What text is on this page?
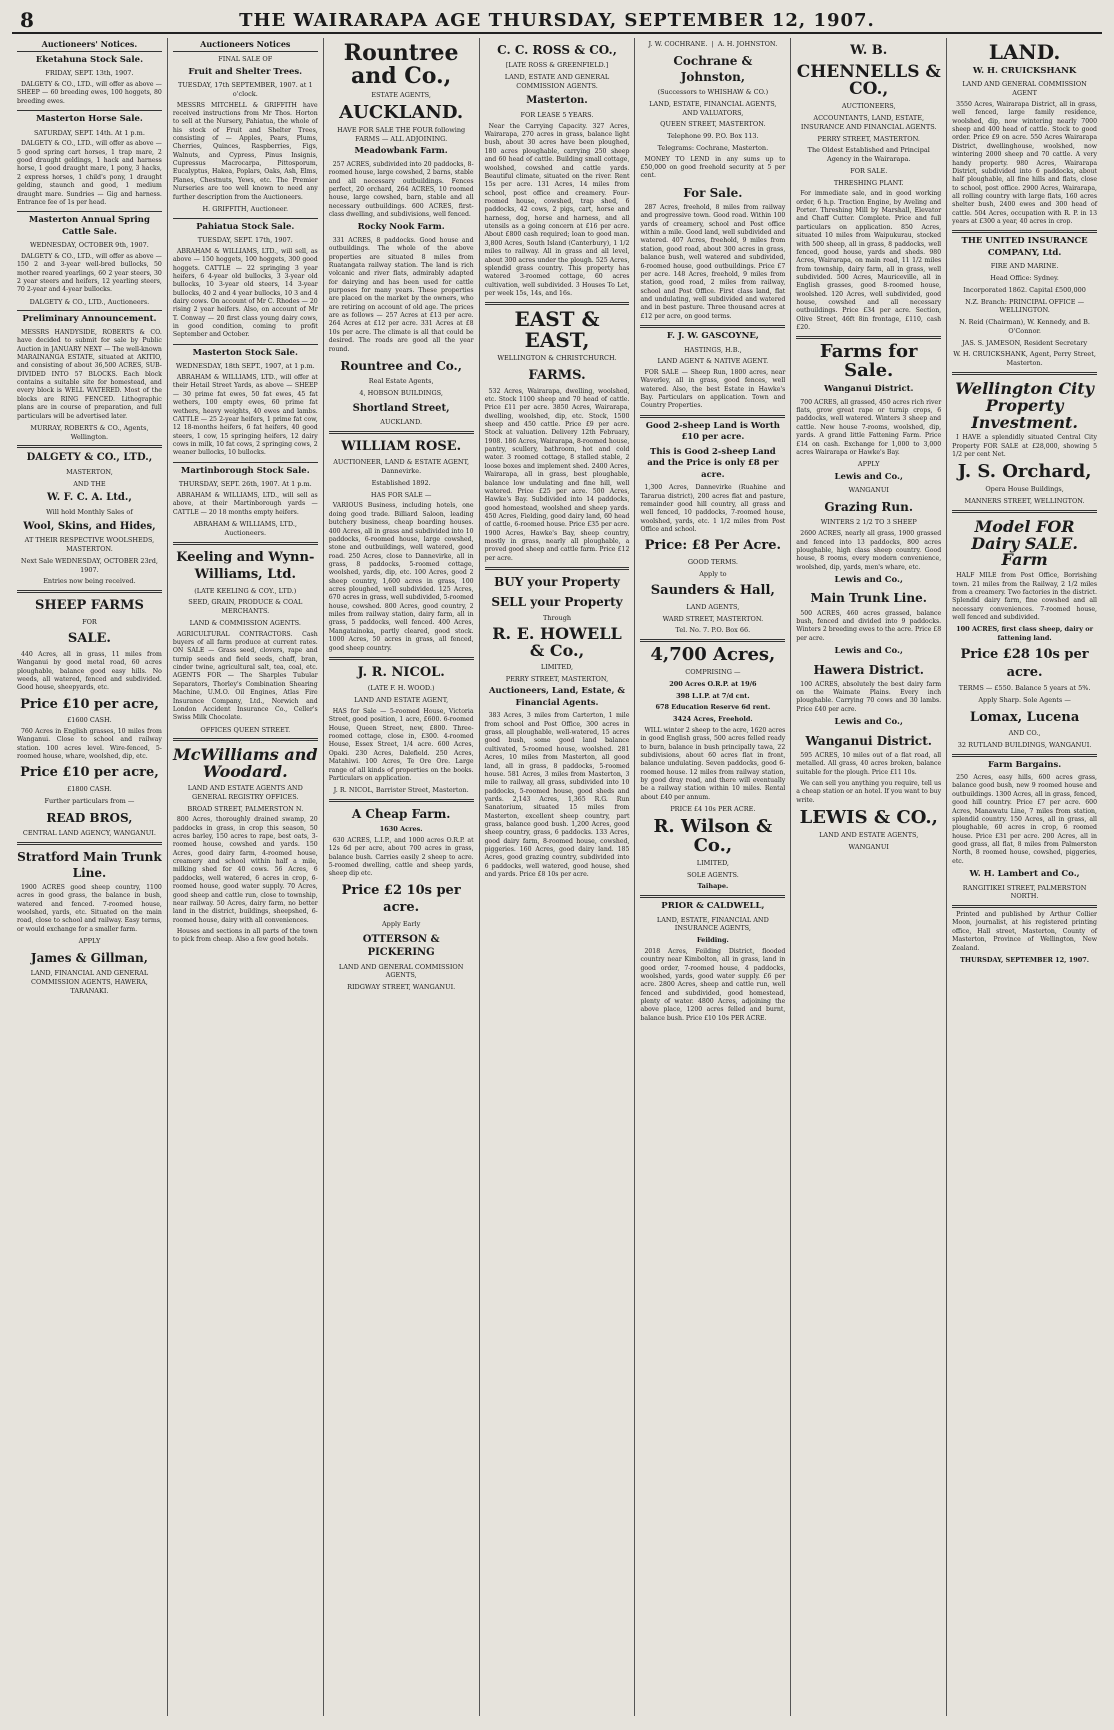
8	THE WAIRARAPA AGE THURSDAY, SEPTEMBER 12, 1907.
Auctioneers' Notices.
Eketahuna Stock Sale.
FRIDAY, SEPT. 13th, 1907.
DALGETY & CO., LTD., will offer as above — SHEEP — 60 breeding ewes, 100 hoggets, 80 breeding ewes.
Masterton Horse Sale.
SATURDAY, SEPT. 14th. At 1 p.m.
DALGETY & CO., LTD., will offer as above — 5 good spring cart horses, 1 trap mare, 2 good draught geldings, 1 hack and harness horse, 1 good draught mare, 1 pony, 3 hacks, 2 express horses, 1 child's pony, 1 draught gelding, staunch and good, 1 medium draught mare. Sundries — Gig and harness. Entrance fee of 1s per head.
Masterton Annual Spring Cattle Sale.
WEDNESDAY, OCTOBER 9th, 1907.
DALGETY & CO., LTD., will offer as above — 150 2 and 3-year well-bred bullocks, 50 mother reared yearlings, 60 2 year steers, 30 2 year steers and heifers, 12 yearling steers, 70 2-year and 4-year bullocks.
DALGETY & CO., LTD., Auctioneers.
Preliminary Announcement.
MESSRS HANDYSIDE, ROBERTS & CO. have decided to submit for sale by Public Auction in JANUARY NEXT — The well-known MARAINANGA ESTATE, situated at AKITIO, and consisting of about 36,500 ACRES, SUB-DIVIDED INTO 57 BLOCKS. Each block contains a suitable site for homestead, and every block is WELL WATERED. Most of the blocks are RING FENCED. Lithographic plans are in course of preparation, and full particulars will be advertised later.
MURRAY, ROBERTS & CO., Agents, Wellington.
DALGETY & CO., LTD.,
MASTERTON,
AND THE
W. F. C. A. Ltd.,
Will hold Monthly Sales of
Wool, Skins, and Hides,
AT THEIR RESPECTIVE WOOLSHEDS, MASTERTON.
Next Sale WEDNESDAY, OCTOBER 23rd, 1907.
Entries now being received.
SHEEP FARMS
FOR
SALE.
440 Acres, all in grass, 11 miles from Wanganui by good metal road, 60 acres ploughable, balance good easy hills. No weeds, all watered, fenced and subdivided. Good house, sheepyards, etc.
Price £10 per acre,
£1600 CASH.
760 Acres in English grasses, 10 miles from Wanganui. Close to school and railway station. 100 acres level. Wire-fenced, 5-roomed house, whare, woolshed, dip, etc.
Price £10 per acre,
£1800 CASH.
Further particulars from —
READ BROS,
CENTRAL LAND AGENCY, WANGANUI.
Stratford Main Trunk Line.
1900 ACRES good sheep country, 1100 acres in good grass, the balance in bush, watered and fenced. 7-roomed house, woolshed, yards, etc. Situated on the main road, close to school and railway. Easy terms, or would exchange for a smaller farm.
APPLY
James & Gillman,
LAND, FINANCIAL AND GENERAL COMMISSION AGENTS, HAWERA, TARANAKI.
Auctioneers Notices
FINAL SALE OF
Fruit and Shelter Trees.
TUESDAY, 17th SEPTEMBER, 1907. at 1 o'clock.
MESSRS MITCHELL & GRIFFITH have received instructions from Mr Thos. Horton to sell at the Nursery, Pahiatua, the whole of his stock of Fruit and Shelter Trees, consisting of — Apples, Pears, Plums, Cherries, Quinces, Raspberries, Figs, Walnuts, and Cypress, Pinus Insignis, Cupressus Macrocarpa, Pittosporum, Eucalyptus, Hakea, Poplars, Oaks, Ash, Elms, Planes, Chestnuts, Yews, etc. The Premier Nurseries are too well known to need any further description from the Auctioneers.
H. GRIFFITH, Auctioneer.
Pahiatua Stock Sale.
TUESDAY, SEPT. 17th, 1907.
ABRAHAM & WILLIAMS, LTD., will sell, as above — 150 hoggets, 100 hoggets, 300 good hoggets. CATTLE — 22 springing 3 year heifers, 6 4-year old bullocks, 3 3-year old bullocks, 10 3-year old steers, 14 3-year bullocks, 40 2 and 4 year bullocks, 10 3 and 4 dairy cows. On account of Mr C. Rhodes — 20 rising 2 year heifers. Also, on account of Mr T. Conway — 20 first class young dairy cows, in good condition, coming to profit September and October.
Masterton Stock Sale.
WEDNESDAY, 18th SEPT., 1907, at 1 p.m.
ABRAHAM & WILLIAMS, LTD., will offer at their Hetail Street Yards, as above — SHEEP — 30 prime fat ewes, 50 fat ewes, 45 fat wethers, 100 empty ewes, 60 prime fat wethers, heavy weights, 40 ewes and lambs. CATTLE — 25 2-year heifers, 1 prime fat cow, 12 18-months heifers, 6 fat heifers, 40 good steers, 1 cow, 15 springing heifers, 12 dairy cows in milk, 10 fat cows, 2 springing cows, 2 weaner bullocks, 10 bullocks.
Martinborough Stock Sale.
THURSDAY, SEPT. 26th, 1907. At 1 p.m.
ABRAHAM & WILLIAMS, LTD., will sell as above, at their Martinborough yards — CATTLE — 20 18 months empty heifers.
ABRAHAM & WILLIAMS, LTD., Auctioneers.
Keeling and Wynn-Williams, Ltd.
(LATE KEELING & COY., LTD.)
SEED, GRAIN, PRODUCE & COAL MERCHANTS.
LAND & COMMISSION AGENTS.
AGRICULTURAL CONTRACTORS. Cash buyers of all farm produce at current rates. ON SALE — Grass seed, clovers, rape and turnip seeds and field seeds, chaff, bran, cinder twine, agricultural salt, tea, coal, etc. AGENTS FOR — The Sharples Tubular Separators, Thorley's Combination Shearing Machine, U.M.O. Oil Engines, Atlas Fire Insurance Company, Ltd., Norwich and London Accident Insurance Co., Celler's Swiss Milk Chocolate.
OFFICES QUEEN STREET.
McWilliams and Woodard.
LAND AND ESTATE AGENTS AND GENERAL REGISTRY OFFICES.
BROAD STREET, PALMERSTON N.
800 Acres, thoroughly drained swamp, 20 paddocks in grass, in crop this season, 50 acres barley, 150 acres to rape, best oats, 3-roomed house, cowshed and yards. 150 Acres, good dairy farm, 4-roomed house, creamery and school within half a mile, milking shed for 40 cows. 56 Acres, 6 paddocks, well watered, 6 acres in crop, 6-roomed house, good water supply. 70 Acres, good sheep and cattle run, close to township, near railway. 50 Acres, dairy farm, no better land in the district, buildings, sheepshed, 6-roomed house, dairy with all conveniences.
Houses and sections in all parts of the town to pick from cheap. Also a few good hotels.
Rountree and Co.,
ESTATE AGENTS,
AUCKLAND.
HAVE FOR SALE THE FOUR following FARMS — ALL ADJOINING.
Meadowbank Farm.
257 ACRES, subdivided into 20 paddocks, 8-roomed house, large cowshed, 2 barns, stable and all necessary outbuildings. Fences perfect, 20 orchard, 264 ACRES, 10 roomed house, large cowshed, barn, stable and all necessary outbuildings. 600 ACRES, first-class dwelling, and subdivisions, well fenced.
Rocky Nook Farm.
331 ACRES, 8 paddocks. Good house and outbuildings. The whole of the above properties are situated 8 miles from Ruatangata railway station. The land is rich volcanic and river flats, admirably adapted for dairying and has been used for cattle purposes for many years. These properties are placed on the market by the owners, who are retiring on account of old age. The prices are as follows — 257 Acres at £13 per acre. 264 Acres at £12 per acre. 331 Acres at £8 10s per acre. The climate is all that could be desired. The roads are good all the year round.
Rountree and Co.,
Real Estate Agents,
4, HOBSON BUILDINGS,
Shortland Street,
AUCKLAND.
WILLIAM ROSE.
AUCTIONEER, LAND & ESTATE AGENT, Dannevirke.
Established 1892.
HAS FOR SALE —
VARIOUS Business, including hotels, one doing good trade. Billiard Saloon, leading butchery business, cheap boarding houses. 400 Acres, all in grass and subdivided into 10 paddocks, 6-roomed house, large cowshed, stone and outbuildings, well watered, good road. 250 Acres, close to Dannevirke, all in grass, 8 paddocks, 5-roomed cottage, woolshed, yards, dip, etc. 100 Acres, good 2 sheep country, 1,600 acres in grass, 100 acres ploughed, well subdivided. 125 Acres, 670 acres in grass, well subdivided, 5-roomed house, cowshed. 800 Acres, good country, 2 miles from railway station, dairy farm, all in grass, 5 paddocks, well fenced. 400 Acres, Mangatainoka, partly cleared, good stock. 1000 Acres, 50 acres in grass, all fenced, good sheep country.
J. R. NICOL.
(LATE F. H. WOOD.)
LAND AND ESTATE AGENT,
HAS for Sale — 5-roomed House, Victoria Street, good position, 1 acre, £600. 6-roomed House, Queen Street, new, £800. Three-roomed cottage, close in, £300. 4-roomed House, Essex Street, 1/4 acre. 600 Acres, Opaki. 230 Acres, Dalefield. 250 Acres, Matahiwi. 100 Acres, Te Ore Ore. Large range of all kinds of properties on the books. Particulars on application.
J. R. NICOL, Barrister Street, Masterton.
A Cheap Farm.
1630 Acres.
630 ACRES, L.I.P., and 1000 acres O.R.P. at 12s 6d per acre, about 700 acres in grass, balance bush. Carries easily 2 sheep to acre. 5-roomed dwelling, cattle and sheep yards, sheep dip etc.
Price £2 10s per acre.
Apply Early
OTTERSON & PICKERING
LAND AND GENERAL COMMISSION AGENTS,
RIDGWAY STREET, WANGANUI.
C. C. ROSS & CO.,
[LATE ROSS & GREENFIELD.]
LAND, ESTATE AND GENERAL COMMISSION AGENTS.
Masterton.
FOR LEASE 5 YEARS.
Near the Carrying Capacity. 327 Acres, Wairarapa, 270 acres in grass, balance light bush, about 30 acres have been ploughed, 180 acres ploughable, carrying 250 sheep and 60 head of cattle. Building small cottage, woolshed, cowshed and cattle yards. Beautiful climate, situated on the river. Rent 15s per acre. 131 Acres, 14 miles from school, post office and creamery. Four-roomed house, cowshed, trap shed, 6 paddocks, 42 cows, 2 pigs, cart, horse and harness, dog, horse and harness, and all utensils as a going concern at £16 per acre. About £800 cash required; loan to good man. 3,800 Acres, South Island (Canterbury), 1 1/2 miles to railway. All in grass and all level, about 300 acres under the plough. 525 Acres, splendid grass country. This property has watered 3-roomed cottage, 60 acres cultivation, well subdivided. 3 Houses To Let, per week 15s, 14s, and 16s.
EAST & EAST,
WELLINGTON & CHRISTCHURCH.
FARMS.
532 Acres, Wairarapa, dwelling, woolshed, etc. Stock 1100 sheep and 70 head of cattle. Price £11 per acre. 3850 Acres, Wairarapa, dwelling, woolshed, dip, etc. Stock, 1500 sheep and 450 cattle. Price £9 per acre. Stock at valuation. Delivery 12th February, 1908. 186 Acres, Wairarapa, 8-roomed house, pantry, scullery, bathroom, hot and cold water. 3 roomed cottage, 8 stalled stable, 2 loose boxes and implement shed. 2400 Acres, Wairarapa, all in grass, best ploughable, balance low undulating and fine hill, well watered. Price £25 per acre. 500 Acres, Hawke's Bay. Subdivided into 14 paddocks, good homestead, woolshed and sheep yards. 450 Acres, Fielding, good dairy land, 60 head of cattle, 6-roomed house. Price £35 per acre. 1900 Acres, Hawke's Bay, sheep country, mostly in grass, nearly all ploughable, a proved good sheep and cattle farm. Price £12 per acre.
BUY your Property
SELL your Property
Through
R. E. HOWELL & Co.,
LIMITED,
PERRY STREET, MASTERTON,
Auctioneers, Land, Estate, & Financial Agents.
383 Acres, 3 miles from Carterton, 1 mile from school and Post Office, 300 acres in grass, all ploughable, well-watered, 15 acres good bush, some good land balance cultivated, 5-roomed house, woolshed. 281 Acres, 10 miles from Masterton, all good land, all in grass, 8 paddocks, 5-roomed house. 581 Acres, 3 miles from Masterton, 3 mile to railway, all grass, subdivided into 10 paddocks, 5-roomed house, good sheds and yards. 2,143 Acres, 1,365 R.G. Run Sanatorium, situated 15 miles from Masterton, excellent sheep country, part grass, balance good bush. 1,200 Acres, good sheep country, grass, 6 paddocks. 133 Acres, good dairy farm, 8-roomed house, cowshed, piggeries. 160 Acres, good dairy land. 185 Acres, good grazing country, subdivided into 6 paddocks, well watered, good house, shed and yards. Price £8 10s per acre.
J. W. COCHRANE.  |  A. H. JOHNSTON.
Cochrane & Johnston,
(Successors to WHISHAW & CO.)
LAND, ESTATE, FINANCIAL AGENTS, AND VALUATORS,
QUEEN STREET, MASTERTON.
Telephone 99. P.O. Box 113.
Telegrams: Cochrane, Masterton.
MONEY TO LEND in any sums up to £50,000 on good freehold security at 5 per cent.
For Sale.
287 Acres, freehold, 8 miles from railway and progressive town. Good road. Within 100 yards of creamery, school and Post office within a mile. Good land, well subdivided and watered. 407 Acres, freehold, 9 miles from station, good road, about 300 acres in grass, balance bush, well watered and subdivided, 6-roomed house, good outbuildings. Price £7 per acre. 148 Acres, freehold, 9 miles from station, good road, 2 miles from railway, school and Post Office. First class land, flat and undulating, well subdivided and watered and in best pasture. Three thousand acres at £12 per acre, on good terms.
F. J. W. GASCOYNE,
HASTINGS, H.B.,
LAND AGENT & NATIVE AGENT.
FOR SALE — Sheep Run, 1800 acres, near Waverley, all in grass, good fences, well watered. Also, the best Estate in Hawke's Bay. Particulars on application. Town and Country Properties.
Good 2-sheep Land is Worth £10 per acre.
This is Good 2-sheep Land and the Price is only £8 per acre.
1,300 Acres, Dannevirke (Ruahine and Tararua district), 200 acres flat and pasture, remainder good hill country, all grass and well fenced, 10 paddocks, 7-roomed house, woolshed, yards, etc. 1 1/2 miles from Post Office and school.
Price: £8 Per Acre.
GOOD TERMS.
Apply to
Saunders & Hall,
LAND AGENTS,
WARD STREET, MASTERTON.
Tel. No. 7. P.O. Box 66.
4,700 Acres,
COMPRISING —
200 Acres O.R.P. at 19/6
398 L.I.P. at 7/d cnt.
678 Education Reserve 6d rent.
3424 Acres, Freehold.
WILL winter 2 sheep to the acre, 1620 acres in good English grass, 500 acres felled ready to burn, balance in bush principally tawa, 22 subdivisions, about 60 acres flat in front, balance undulating. Seven paddocks, good 6-roomed house. 12 miles from railway station, by good dray road, and there will eventually be a railway station within 10 miles. Rental about £40 per annum.
PRICE £4 10s PER ACRE.
R. Wilson & Co.,
LIMITED,
SOLE AGENTS.
Taihape.
PRIOR & CALDWELL,
LAND, ESTATE, FINANCIAL AND INSURANCE AGENTS,
Feilding.
2018 Acres, Feilding District, flooded country near Kimbolton, all in grass, land in good order, 7-roomed house, 4 paddocks, woolshed, yards, good water supply. £6 per acre. 2800 Acres, sheep and cattle run, well fenced and subdivided, good homestead, plenty of water. 4800 Acres, adjoining the above place, 1200 acres felled and burnt, balance bush. Price £10 10s PER ACRE.
W. B.
CHENNELLS & CO.,
AUCTIONEERS,
ACCOUNTANTS, LAND, ESTATE, INSURANCE AND FINANCIAL AGENTS.
PERRY STREET, MASTERTON.
The Oldest Established and Principal Agency in the Wairarapa.
FOR SALE.
THRESHING PLANT.
For immediate sale, and in good working order, 6 h.p. Traction Engine, by Aveling and Porter. Threshing Mill by Marshall, Elevator and Chaff Cutter. Complete. Price and full particulars on application. 850 Acres, situated 10 miles from Waipukurau, stocked with 500 sheep, all in grass, 8 paddocks, well fenced, good house, yards and sheds. 980 Acres, Wairarapa, on main road, 11 1/2 miles from township, dairy farm, all in grass, well subdivided. 500 Acres, Mauriceville, all in English grasses, good 8-roomed house, woolshed. 120 Acres, well subdivided, good house, cowshed and all necessary outbuildings. Price £34 per acre. Section, Olive Street, 46ft 8in frontage, £110, cash £20.
Farms for Sale.
Wanganui District.
700 ACRES, all grassed, 450 acres rich river flats, grow great rape or turnip crops, 6 paddocks, well watered. Winters 3 sheep and cattle. New house 7-rooms, woolshed, dip, yards. A grand little Fattening Farm. Price £14 on cash. Exchange for 1,000 to 3,000 acres Wairarapa or Hawke's Bay.
APPLY
Lewis and Co.,
WANGANUI
Grazing Run.
WINTERS 2 1/2 TO 3 SHEEP
2600 ACRES, nearly all grass, 1900 grassed and fenced into 13 paddocks, 800 acres ploughable, high class sheep country. Good house, 8 rooms, every modern convenience, woolshed, dip, yards, men's whare, etc.
Lewis and Co.,
Main Trunk Line.
500 ACRES, 460 acres grassed, balance bush, fenced and divided into 9 paddocks. Winters 2 breeding ewes to the acre. Price £8 per acre.
Lewis and Co.,
Hawera District.
100 ACRES, absolutely the best dairy farm on the Waimate Plains. Every inch ploughable. Carrying 70 cows and 30 lambs. Price £40 per acre.
Lewis and Co.,
Wanganui District.
595 ACRES, 10 miles out of a flat road, all metalled. All grass, 40 acres broken, balance suitable for the plough. Price £11 10s.
We can sell you anything you require, tell us a cheap station or an hotel. If you want to buy write.
LEWIS & CO.,
LAND AND ESTATE AGENTS,
WANGANUI
LAND.
W. H. CRUICKSHANK
LAND AND GENERAL COMMISSION AGENT
3550 Acres, Wairarapa District, all in grass, well fenced, large family residence, woolshed, dip, now wintering nearly 7000 sheep and 400 head of cattle. Stock to good order. Price £9 on acre. 550 Acres Wairarapa District, dwellinghouse, woolshed, now wintering 2000 sheep and 70 cattle. A very handy property. 980 Acres, Wairarapa District, subdivided into 6 paddocks, about half ploughable, all fine hills and flats, close to school, post office. 2900 Acres, Wairarapa, all rolling country with large flats, 160 acres shelter bush, 2400 ewes and 300 head of cattle. 504 Acres, occupation with R. P. in 13 years at £300 a year, 40 acres in crop.
THE UNITED INSURANCE COMPANY, Ltd.
FIRE AND MARINE.
Head Office: Sydney.
Incorporated 1862. Capital £500,000
N.Z. Branch: PRINCIPAL OFFICE — WELLINGTON.
N. Reid (Chairman), W. Kennedy, and B. O'Connor.
JAS. S. JAMESON, Resident Secretary
W. H. CRUICKSHANK, Agent, Perry Street, Masterton.
Wellington City Property Investment.
I HAVE a splendidly situated Central City Property FOR SALE at £28,000, showing 5 1/2 per cent Net.
J. S. Orchard,
Opera House Buildings,
MANNERS STREET, WELLINGTON.
Model FOR Dairy SALE. Farm
HALF MILE from Post Office, Borrishing town. 21 miles from the Railway, 2 1/2 miles from a creamery. Two factories in the district. Splendid dairy farm, fine cowshed and all necessary conveniences. 7-roomed house, well fenced and subdivided.
100 ACRES, first class sheep, dairy or fattening land.
Price £28 10s per acre.
TERMS — £550. Balance 5 years at 5%.
Apply Sharp. Sole Agents —
Lomax, Lucena
AND CO.,
32 RUTLAND BUILDINGS, WANGANUI.
Farm Bargains.
250 Acres, easy hills, 600 acres grass, balance good bush, new 9 roomed house and outbuildings. 1300 Acres, all in grass, fenced, good hill country. Price £7 per acre. 600 Acres, Manawatu Line, 7 miles from station, splendid country. 150 Acres, all in grass, all ploughable, 60 acres in crop, 6 roomed house. Price £31 per acre. 200 Acres, all in good grass, all flat, 8 miles from Palmerston North, 8 roomed house, cowshed, piggeries, etc.
W. H. Lambert and Co.,
RANGITIKEI STREET, PALMERSTON NORTH.
Printed and published by Arthur Collier Moon, journalist, at his registered printing office, Hall street, Masterton, County of Masterton, Province of Wellington, New Zealand.
THURSDAY, SEPTEMBER 12, 1907.
